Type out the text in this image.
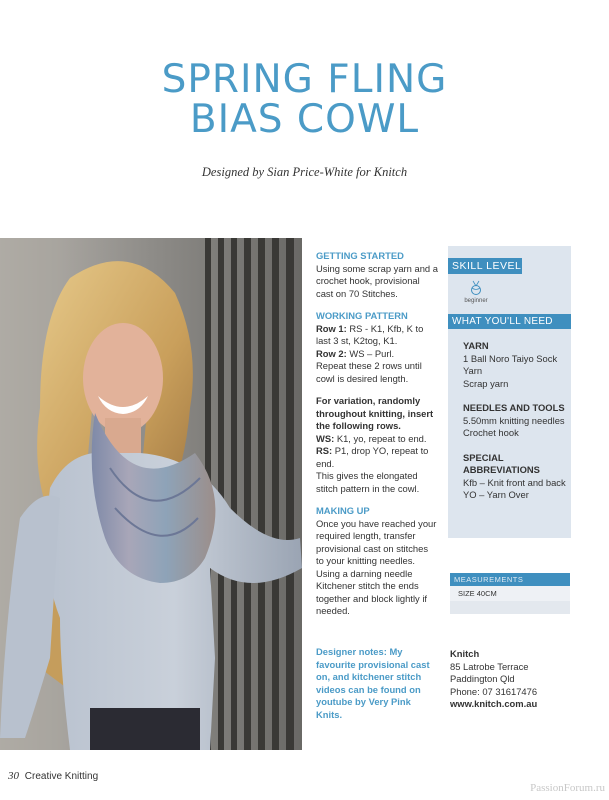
SPRING FLING
BIAS COWL
Designed by Sian Price-White for Knitch
GETTING STARTED

Using some scrap yarn and a crochet hook, provisional cast on 70 Stitches.

WORKING PATTERN

Row 1: RS - K1, Kfb, K to last 3 st, K2tog, K1.

Row 2: WS – Purl.

Repeat these 2 rows until cowl is desired length.

For variation, randomly throughout knitting, insert the following rows.

WS: K1, yo, repeat to end.

RS: P1, drop YO, repeat to end.

This gives the elongated stitch pattern in the cowl.

MAKING UP

Once you have reached your required length, transfer provisional cast on stitches to your knitting needles. Using a darning needle Kitchener stitch the ends together and block lightly if needed.

SKILL LEVEL
beginner
WHAT YOU'LL NEED
YARN

1 Ball Noro Taiyo Sock Yarn

Scrap yarn

NEEDLES AND TOOLS

5.50mm knitting needles

Crochet hook

SPECIAL
ABBREVIATIONS

Kfb – Knit front and back

YO – Yarn Over

MEASUREMENTS
SIZE 40CM
Designer notes: My favourite provisional cast on, and kitchener stitch videos can be found on youtube by Very Pink Knits.

Knitch

85 Latrobe Terrace

Paddington Qld

Phone: 07 31617476

www.knitch.com.au

30 Creative Knitting
PassionForum.ru
